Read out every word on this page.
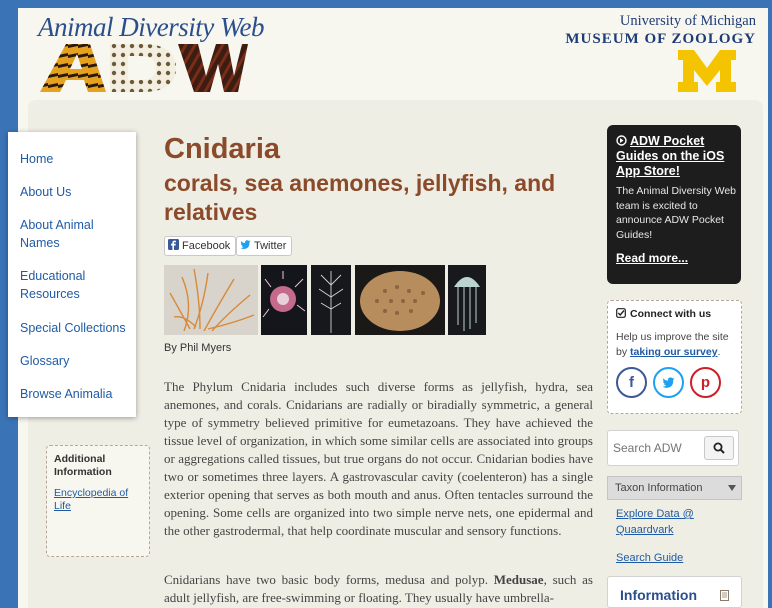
Animal Diversity Web	University of Michigan
MUSEUM OF ZOOLOGY
Home
About Us
About Animal Names
Educational Resources
Special Collections
Glossary
Browse Animalia
Additional Information
Encyclopedia of Life
Cnidaria
corals, sea anemones, jellyfish, and relatives
Facebook	Twitter
By Phil Myers

The Phylum Cnidaria includes such diverse forms as jellyfish, hydra, sea anemones, and corals. Cnidarians are radially or biradially symmetric, a general type of symmetry believed primitive for eumetazoans. They have achieved the tissue level of organization, in which some similar cells are associated into groups or aggregations called tissues, but true organs do not occur. Cnidarian bodies have two or sometimes three layers. A gastrovascular cavity (coelenteron) has a single exterior opening that serves as both mouth and anus. Often tentacles surround the opening. Some cells are organized into two simple nerve nets, one epidermal and the other gastrodermal, that help coordinate muscular and sensory functions.

Cnidarians have two basic body forms, medusa and polyp. Medusae, such as adult jellyfish, are free-swimming or floating. They usually have umbrella-

ADW Pocket Guides on the iOS App Store!
The Animal Diversity Web team is excited to announce ADW Pocket Guides!
Read more...
Connect with us
Help us improve the site by taking our survey.
f	p
Search ADW
Taxon Information
Explore Data @ Quaardvark
Search Guide
Information
